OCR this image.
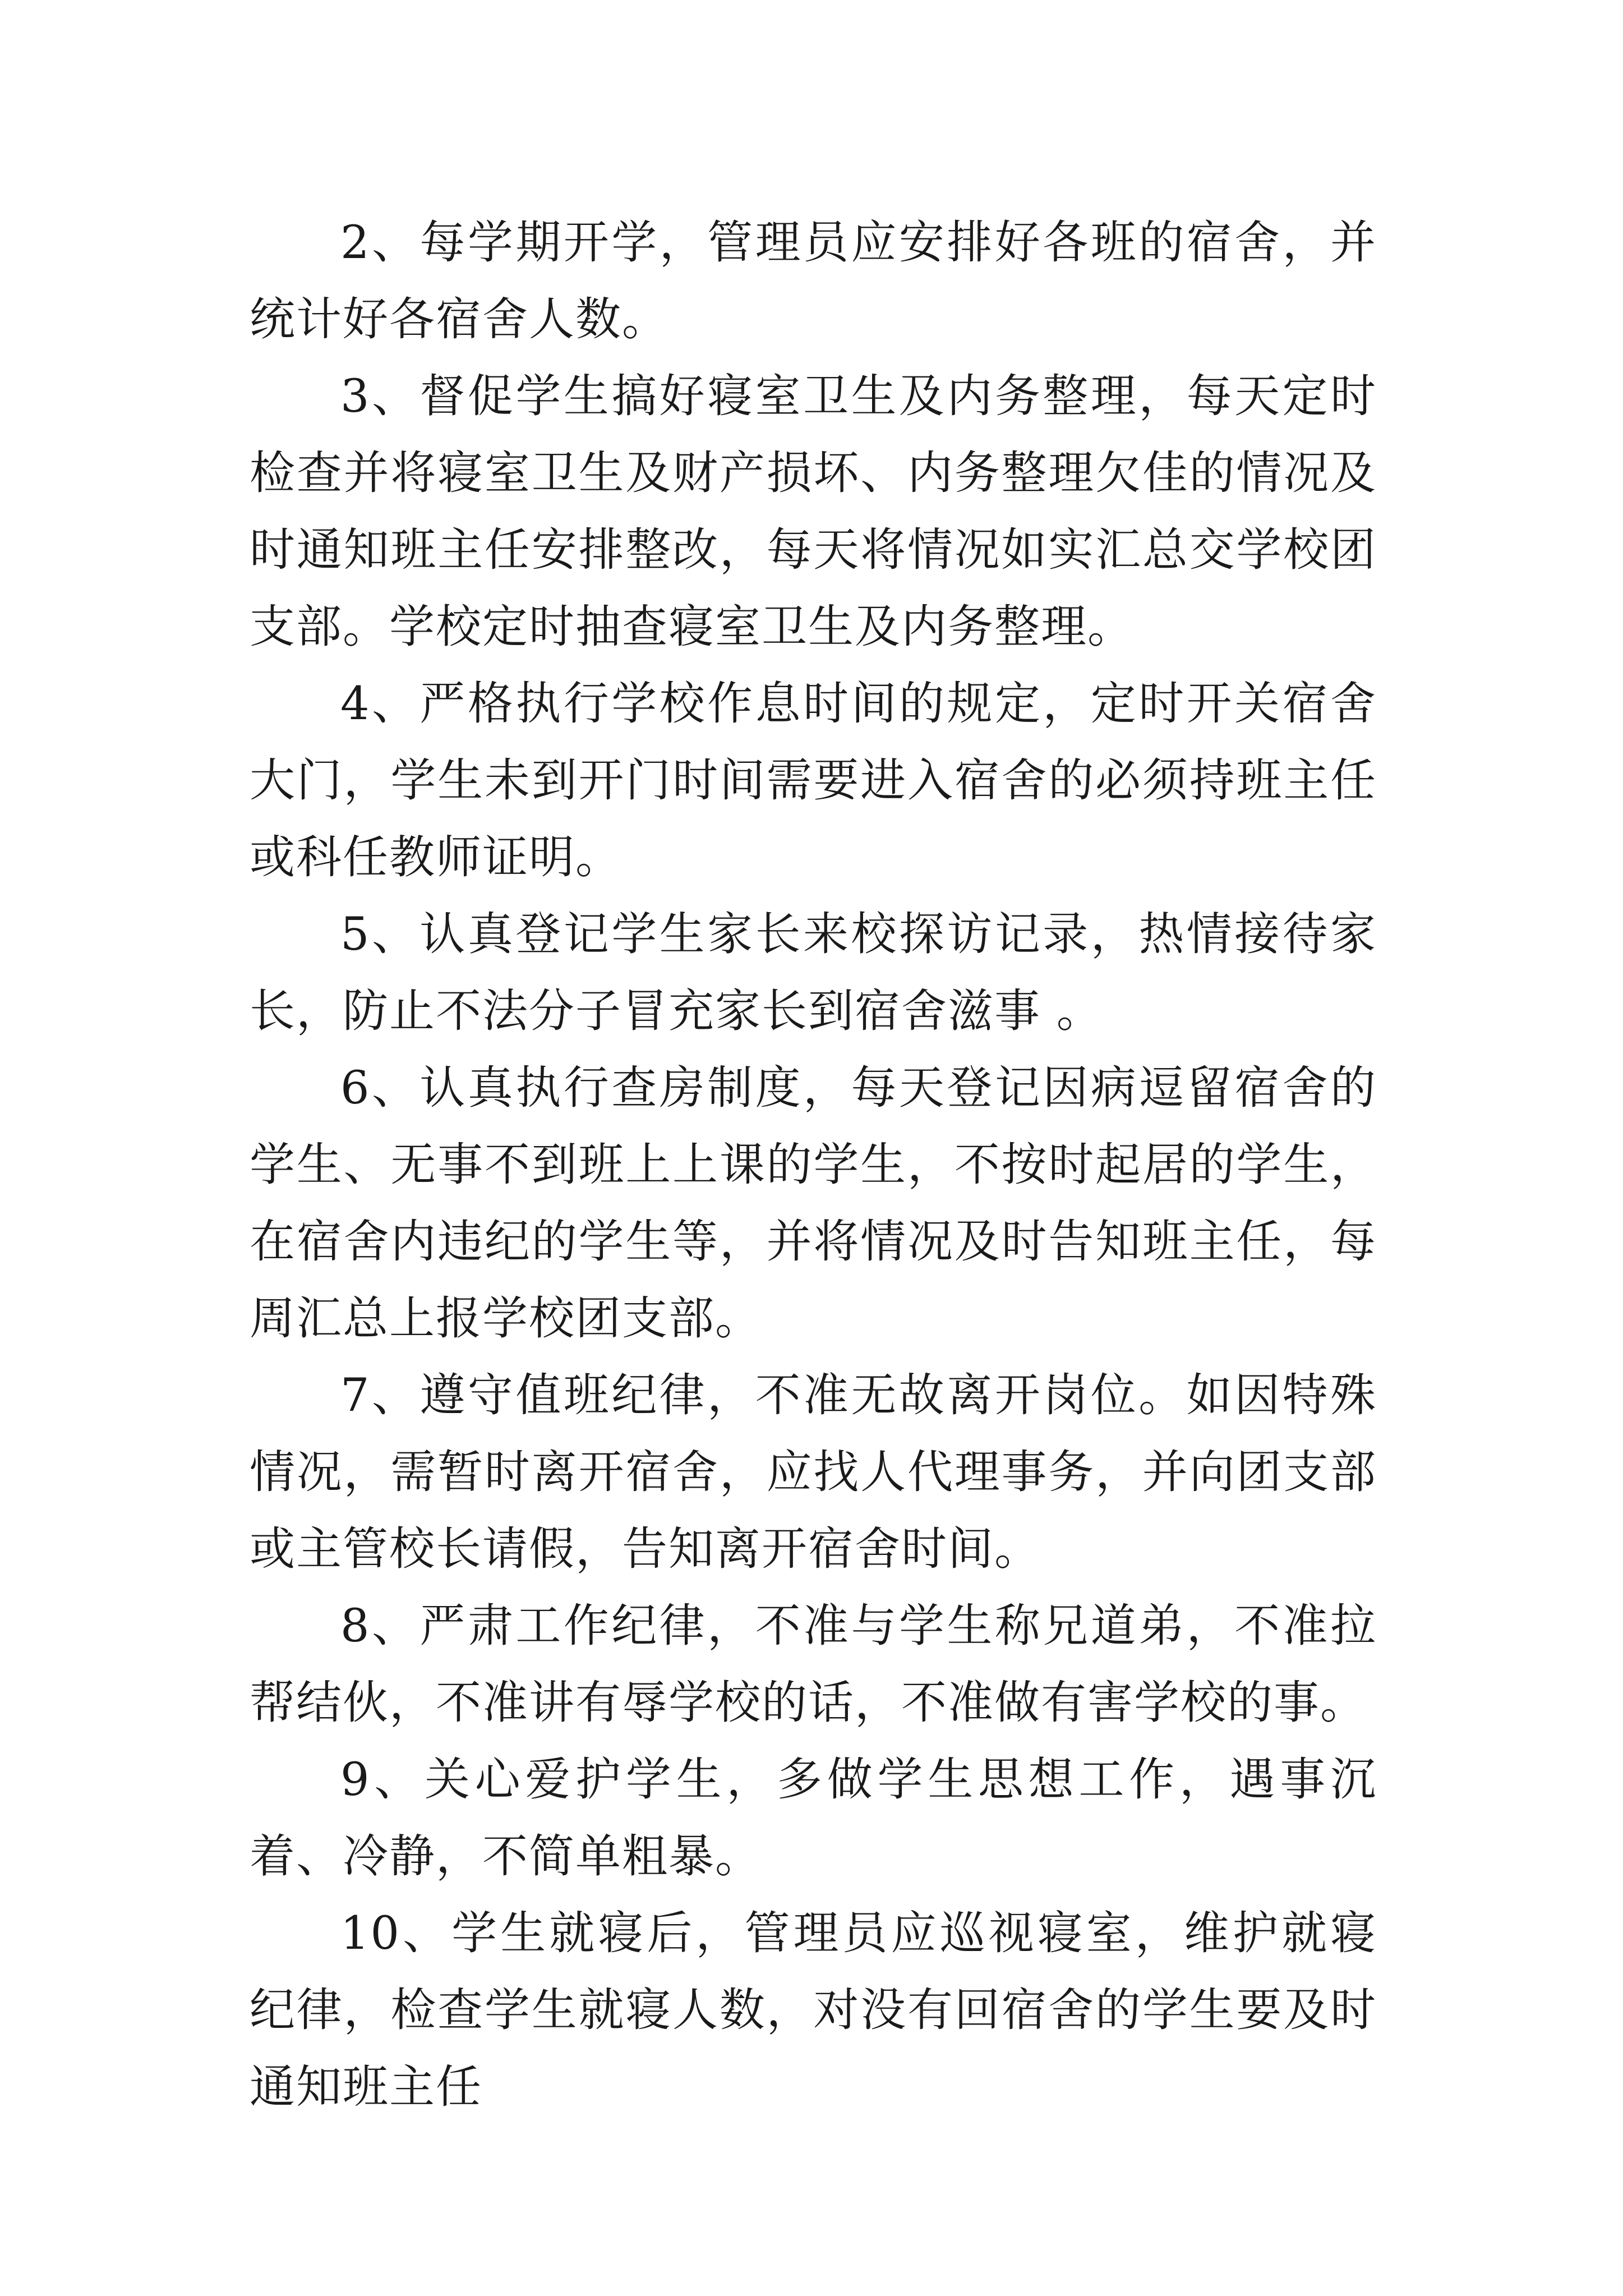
2、每学期开学，管理员应安排好各班的宿舍，并统计好各宿舍人数。

3、督促学生搞好寝室卫生及内务整理，每天定时检查并将寝室卫生及财产损坏、内务整理欠佳的情况及时通知班主任安排整改，每天将情况如实汇总交学校团支部。学校定时抽查寝室卫生及内务整理。

4、严格执行学校作息时间的规定，定时开关宿舍大门，学生未到开门时间需要进入宿舍的必须持班主任或科任教师证明。

5、认真登记学生家长来校探访记录，热情接待家长，防止不法分子冒充家长到宿舍滋事 。

6、认真执行查房制度，每天登记因病逗留宿舍的学生、无事不到班上上课的学生，不按时起居的学生，在宿舍内违纪的学生等，并将情况及时告知班主任，每周汇总上报学校团支部。

7、遵守值班纪律，不准无故离开岗位。如因特殊情况，需暂时离开宿舍，应找人代理事务，并向团支部或主管校长请假，告知离开宿舍时间。

8、严肃工作纪律，不准与学生称兄道弟，不准拉帮结伙，不准讲有辱学校的话，不准做有害学校的事。

9、关心爱护学生，多做学生思想工作，遇事沉着、冷静，不简单粗暴。

10、学生就寝后，管理员应巡视寝室，维护就寝纪律，检查学生就寝人数，对没有回宿舍的学生要及时通知班主任
